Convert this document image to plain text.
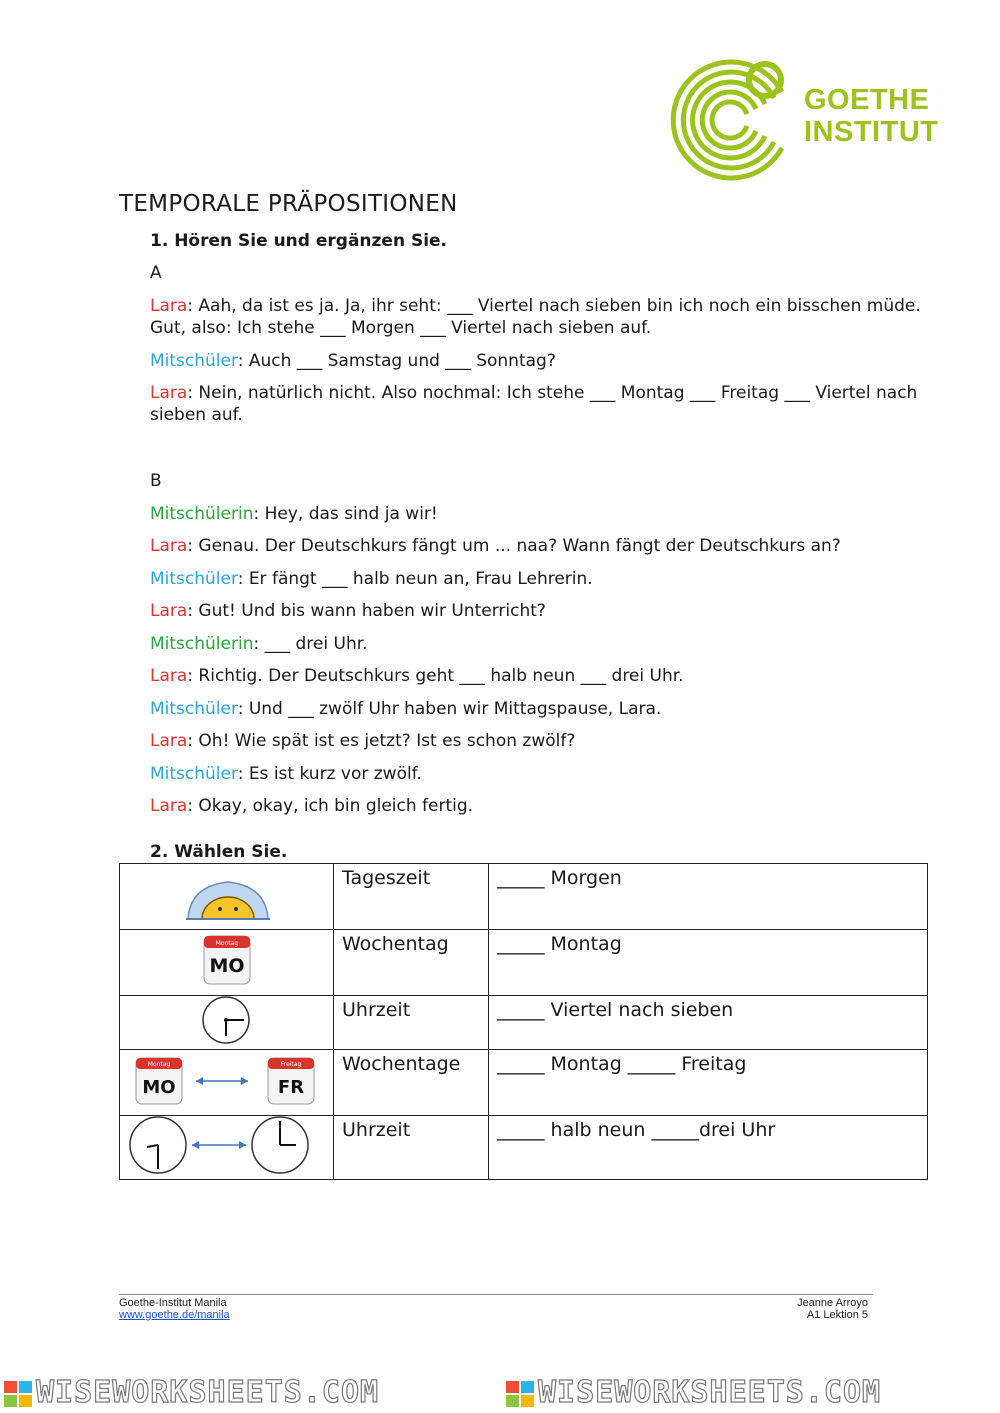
GOETHE
INSTITUT
TEMPORALE PRÄPOSITIONEN
1. Hören Sie und ergänzen Sie.
A
Lara: Aah, da ist es ja. Ja, ihr seht: ___ Viertel nach sieben bin ich noch ein bisschen müde. Gut, also: Ich stehe ___ Morgen ___ Viertel nach sieben auf.
Mitschüler: Auch ___ Samstag und ___ Sonntag?
Lara: Nein, natürlich nicht. Also nochmal: Ich stehe ___ Montag ___ Freitag ___ Viertel nach sieben auf.
B
Mitschülerin: Hey, das sind ja wir!
Lara: Genau. Der Deutschkurs fängt um ... naa? Wann fängt der Deutschkurs an?
Mitschüler: Er fängt ___ halb neun an, Frau Lehrerin.
Lara: Gut! Und bis wann haben wir Unterricht?
Mitschülerin: ___ drei Uhr.
Lara: Richtig. Der Deutschkurs geht ___ halb neun ___ drei Uhr.
Mitschüler: Und ___ zwölf Uhr haben wir Mittagspause, Lara.
Lara: Oh! Wie spät ist es jetzt? Ist es schon zwölf?
Mitschüler: Es ist kurz vor zwölf.
Lara: Okay, okay, ich bin gleich fertig.
2. Wählen Sie.
	Tageszeit	_____ Morgen

Montag
MO	Wochentag	_____ Montag
	Uhrzeit	_____ Viertel nach sieben

Montag
MO
Freitag
FR	Wochentage	_____ Montag _____ Freitag
	Uhrzeit	_____ halb neun _____drei Uhr
Goethe-Institut Manila
www.goethe.de/manila
Jeanne Arroyo
A1 Lektion 5
WISEWORKSHEETS.COM	WISEWORKSHEETS.COM
